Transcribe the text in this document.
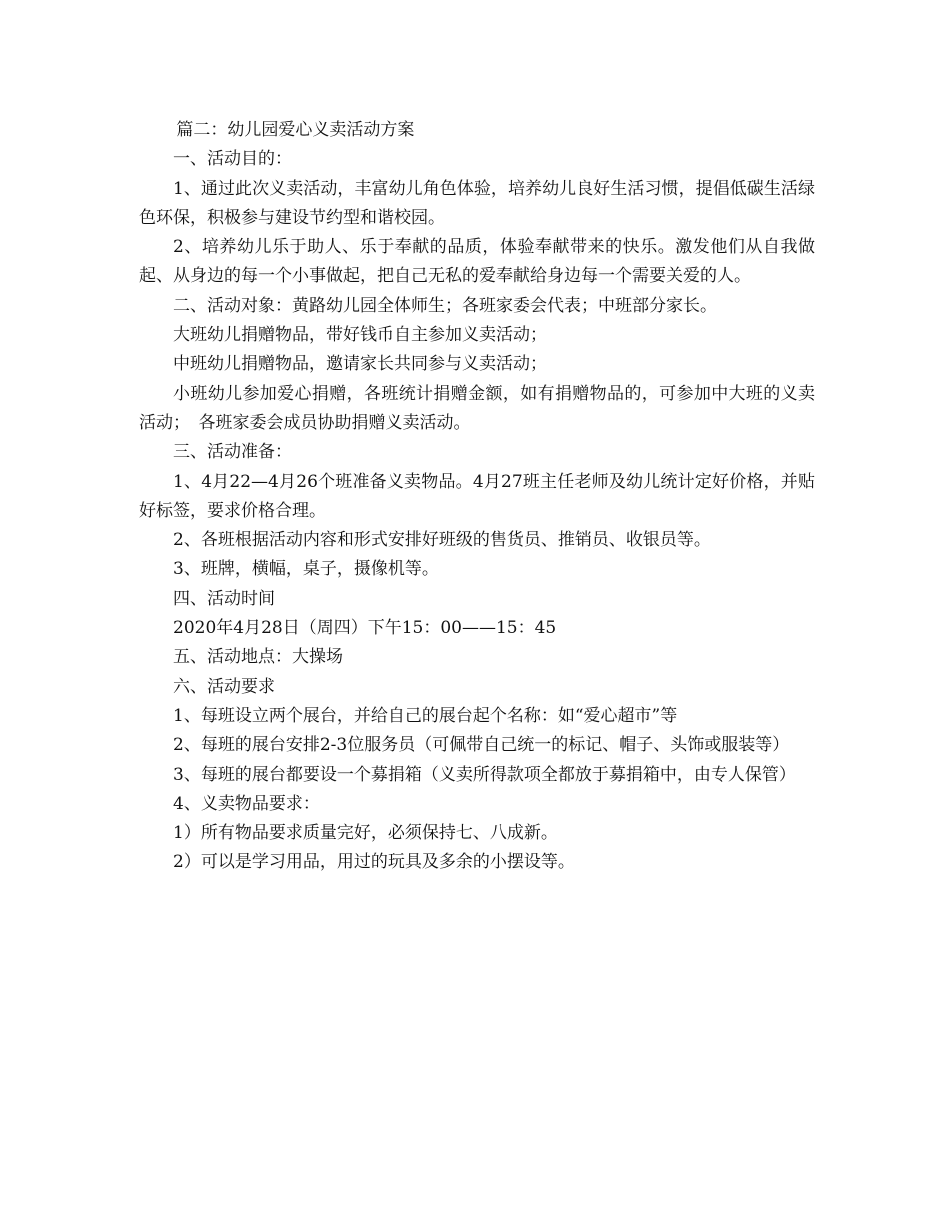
篇二：幼儿园爱心义卖活动方案

一、活动目的：

1、通过此次义卖活动，丰富幼儿角色体验，培养幼儿良好生活习惯，提倡低碳生活绿色环保，积极参与建设节约型和谐校园。

2、培养幼儿乐于助人、乐于奉献的品质，体验奉献带来的快乐。激发他们从自我做起、从身边的每一个小事做起，把自己无私的爱奉献给身边每一个需要关爱的人。

二、活动对象：黄路幼儿园全体师生；各班家委会代表；中班部分家长。

大班幼儿捐赠物品，带好钱币自主参加义卖活动；

中班幼儿捐赠物品，邀请家长共同参与义卖活动；

小班幼儿参加爱心捐赠，各班统计捐赠金额，如有捐赠物品的，可参加中大班的义卖活动；　各班家委会成员协助捐赠义卖活动。

三、活动准备：

1、4月22—4月26个班准备义卖物品。4月27班主任老师及幼儿统计定好价格，并贴好标签，要求价格合理。

2、各班根据活动内容和形式安排好班级的售货员、推销员、收银员等。

3、班牌，横幅，桌子，摄像机等。

四、活动时间

2020年4月28日（周四）下午15：00——15：45

五、活动地点：大操场

六、活动要求

1、每班设立两个展台，并给自己的展台起个名称：如“爱心超市”等

2、每班的展台安排2-3位服务员（可佩带自己统一的标记、帽子、头饰或服装等）

3、每班的展台都要设一个募捐箱（义卖所得款项全都放于募捐箱中，由专人保管）

4、义卖物品要求：

1）所有物品要求质量完好，必须保持七、八成新。

2）可以是学习用品，用过的玩具及多余的小摆设等。
